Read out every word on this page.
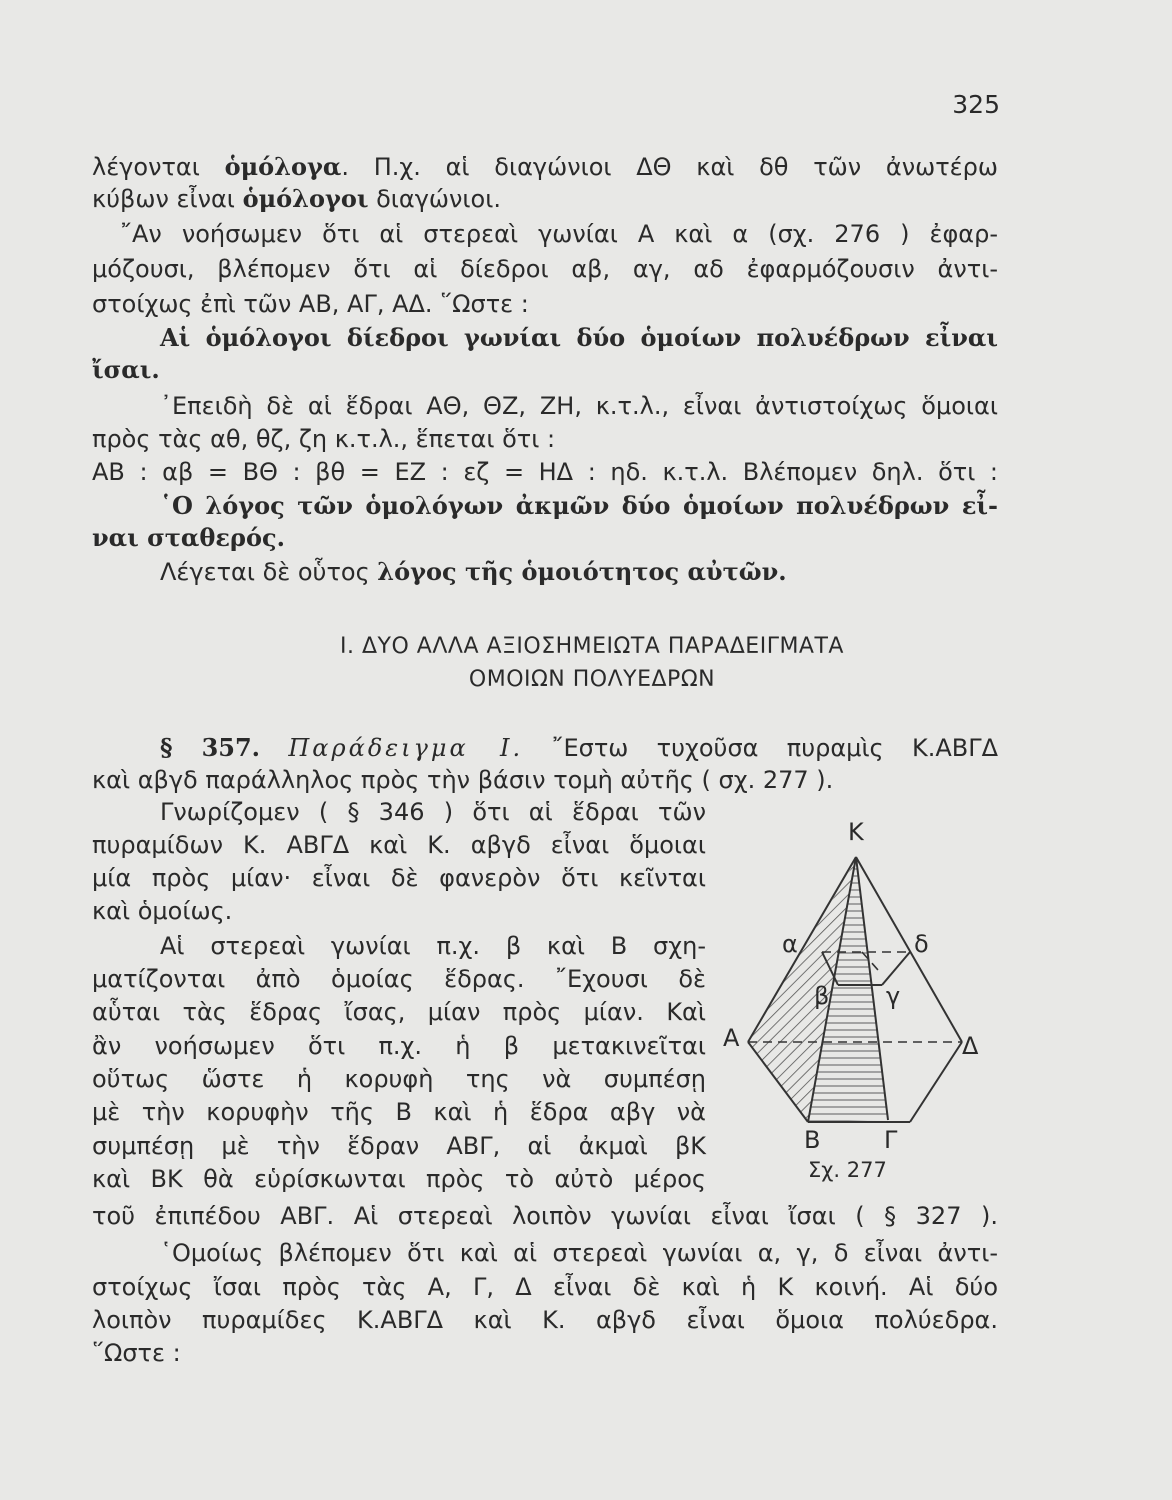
325
λέγονται ὁμόλογα. Π.χ. αἱ διαγώνιοι ΔΘ καὶ δθ τῶν ἀνωτέρω
κύβων εἶναι ὁμόλογοι διαγώνιοι.
῎Αν νοήσωμεν ὅτι αἱ στερεαὶ γωνίαι Α καὶ α (σχ. 276 ) ἐφαρ-
μόζουσι, βλέπομεν ὅτι αἱ δίεδροι αβ, αγ, αδ ἐφαρμόζουσιν ἀντι-
στοίχως ἐπὶ τῶν ΑΒ, ΑΓ, ΑΔ. ῞Ωστε :
Αἱ ὁμόλογοι δίεδροι γωνίαι δύο ὁμοίων πολυέδρων εἶναι
ἴσαι.
᾿Επειδὴ δὲ αἱ ἕδραι ΑΘ, ΘΖ, ΖΗ, κ.τ.λ., εἶναι ἀντιστοίχως ὅμοιαι
πρὸς τὰς αθ, θζ, ζη κ.τ.λ., ἕπεται ὅτι :
ΑΒ : αβ = ΒΘ : βθ = ΕΖ : εζ = ΗΔ : ηδ. κ.τ.λ. Βλέπομεν δηλ. ὅτι :
῾Ο λόγος τῶν ὁμολόγων ἀκμῶν δύο ὁμοίων πολυέδρων εἶ-
ναι σταθερός.
Λέγεται δὲ οὗτος λόγος τῆς ὁμοιότητος αὐτῶν.
Ι. ΔΥΟ ΑΛΛΑ ΑΞΙΟΣΗΜΕΙΩΤΑ ΠΑΡΑΔΕΙΓΜΑΤΑ
ΟΜΟΙΩΝ ΠΟΛΥΕΔΡΩΝ
§ 357. Παράδειγμα Ι. ῎Εστω τυχοῦσα πυραμὶς Κ.ΑΒΓΔ
καὶ αβγδ παράλληλος πρὸς τὴν βάσιν τομὴ αὐτῆς ( σχ. 277 ).
Γνωρίζομεν ( § 346 ) ὅτι αἱ ἕδραι τῶν
πυραμίδων Κ. ΑΒΓΔ καὶ Κ. αβγδ εἶναι ὅμοιαι
μία πρὸς μίαν· εἶναι δὲ φανερὸν ὅτι κεῖνται
καὶ ὁμοίως.
Αἱ στερεαὶ γωνίαι π.χ. β καὶ Β σχη-
ματίζονται ἀπὸ ὁμοίας ἕδρας. ῎Εχουσι δὲ
αὗται τὰς ἕδρας ἴσας, μίαν πρὸς μίαν. Καὶ
ἂν νοήσωμεν ὅτι π.χ. ἡ β μετακινεῖται
οὕτως ὥστε ἡ κορυφὴ της νὰ συμπέσῃ
μὲ τὴν κορυφὴν τῆς Β καὶ ἡ ἕδρα αβγ νὰ
συμπέσῃ μὲ τὴν ἕδραν ΑΒΓ, αἱ ἀκμαὶ βΚ
καὶ ΒΚ θὰ εὑρίσκωνται πρὸς τὸ αὐτὸ μέρος
τοῦ ἐπιπέδου ΑΒΓ. Αἱ στερεαὶ λοιπὸν γωνίαι εἶναι ἴσαι ( § 327 ).
῾Ομοίως βλέπομεν ὅτι καὶ αἱ στερεαὶ γωνίαι α, γ, δ εἶναι ἀντι-
στοίχως ἴσαι πρὸς τὰς Α, Γ, Δ εἶναι δὲ καὶ ἡ Κ κοινή. Αἱ δύο
λοιπὸν πυραμίδες Κ.ΑΒΓΔ καὶ Κ. αβγδ εἶναι ὅμοια πολύεδρα.
῞Ωστε :
Κ
α	δ
β γ
Α	Δ
Β	Γ
Σχ. 277
